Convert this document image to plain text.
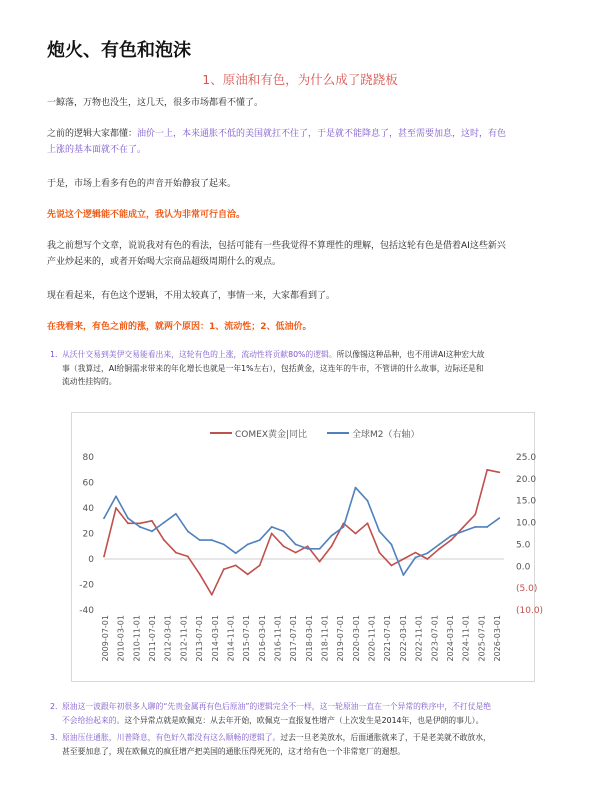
炮火、有色和泡沫
1、原油和有色，为什么成了跷跷板
一鲸落，万物也没生，这几天，很多市场都看不懂了。
之前的逻辑大家都懂：油价一上，本来通胀不低的美国就扛不住了，于是就不能降息了，甚至需要加息，这时，有色
上涨的基本面就不在了。
于是，市场上看多有色的声音开始静寂了起来。
先说这个逻辑能不能成立，我认为非常可行自洽。
我之前想写个文章，说说我对有色的看法，包括可能有一些我觉得不算理性的理解，包括这轮有色是借着AI这些新兴
产业炒起来的，或者开始喝大宗商品超级周期什么的观点。
现在看起来，有色这个逻辑，不用太较真了，事情一来，大家都看到了。
在我看来，有色之前的涨，就两个原因：1、流动性；2、低油价。
1. 从沃什交易到美伊交易能看出来，这轮有色的上涨，流动性将贡献80%的逻辑。所以像锡这种品种，也不用讲AI这种宏大故
事（我算过，AI给铜需求带来的年化增长也就是一年1%左右），包括黄金，这连年的牛市，不管讲的什么故事，边际还是和
流动性挂钩的。
COMEX黄金|同比	全球M2（右轴）
80
60
40
20
0
-20
-40
25.0
20.0
15.0
10.0
5.0
0.0
(5.0)
(10.0)
2009-07-01 2010-03-01 2010-11-01 2011-07-01 2012-03-01 2012-11-01 2013-07-01 2014-03-01 2014-11-01 2015-07-01 2016-03-01 2016-11-01 2017-07-01 2018-03-01 2018-11-01 2019-07-01 2020-03-01 2020-11-01 2021-07-01 2022-03-01 2022-11-01 2023-07-01 2024-03-01 2024-11-01 2025-07-01 2026-03-01
2. 原油这一波跟年初很多人聊的“先贵金属再有色后原油”的逻辑完全不一样，这一轮原油一直在一个异常的秩序中，不打仗是绝
不会给抬起来的。这个异常点就是欧佩克：从去年开始，欧佩克一直报复性增产（上次发生是2014年，也是伊朗的事儿）。
3. 原油压住通胀，川普降息，有色好久都没有这么顺畅的逻辑了。过去一旦老美放水，后面通胀就来了，于是老美就不敢放水，
甚至要加息了，现在欧佩克的疯狂增产把美国的通胀压得死死的，这才给有色一个非常宽厂的遛想。
